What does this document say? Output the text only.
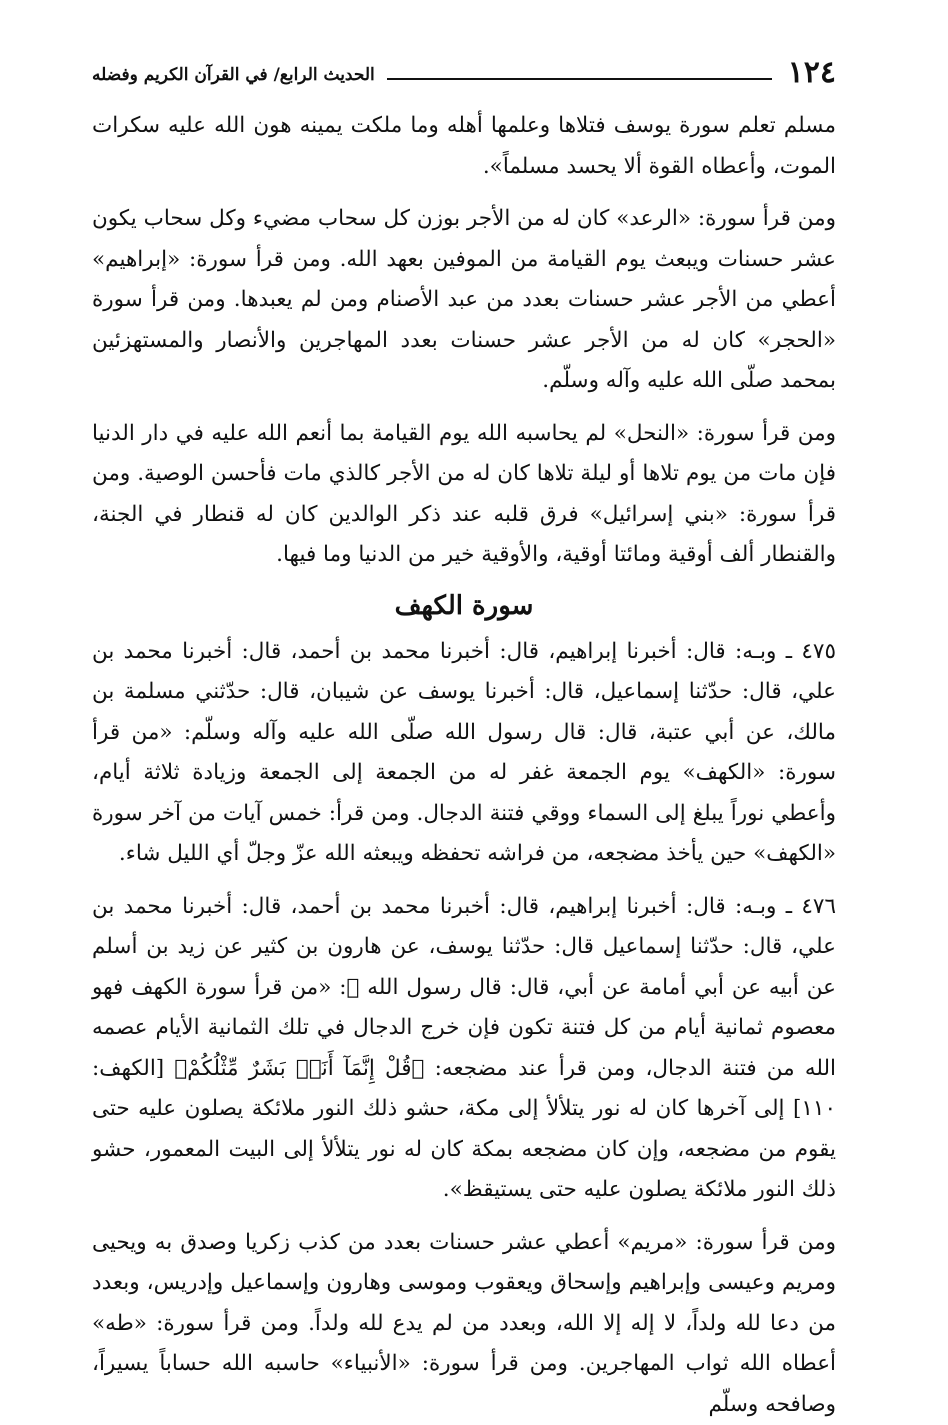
١٢٤
الحديث الرابع/ في القرآن الكريم وفضله

مسلم تعلم سورة يوسف فتلاها وعلمها أهله وما ملكت يمينه هون الله عليه سكرات الموت، وأعطاه القوة ألا يحسد مسلماً».

ومن قرأ سورة: «الرعد» كان له من الأجر بوزن كل سحاب مضيء وكل سحاب يكون عشر حسنات ويبعث يوم القيامة من الموفين بعهد الله. ومن قرأ سورة: «إبراهيم» أعطي من الأجر عشر حسنات بعدد من عبد الأصنام ومن لم يعبدها. ومن قرأ سورة «الحجر» كان له من الأجر عشر حسنات بعدد المهاجرين والأنصار والمستهزئين بمحمد صلّى الله عليه وآله وسلّم.

ومن قرأ سورة: «النحل» لم يحاسبه الله يوم القيامة بما أنعم الله عليه في دار الدنيا فإن مات من يوم تلاها أو ليلة تلاها كان له من الأجر كالذي مات فأحسن الوصية. ومن قرأ سورة: «بني إسرائيل» فرق قلبه عند ذكر الوالدين كان له قنطار في الجنة، والقنطار ألف أوقية ومائتا أوقية، والأوقية خير من الدنيا وما فيها.

سورة الكهف

٤٧٥ ـ وبـه: قال: أخبرنا إبراهيم، قال: أخبرنا محمد بن أحمد، قال: أخبرنا محمد بن علي، قال: حدّثنا إسماعيل، قال: أخبرنا يوسف عن شيبان، قال: حدّثني مسلمة بن مالك، عن أبي عتبة، قال: قال رسول الله صلّى الله عليه وآله وسلّم: «من قرأ سورة: «الكهف» يوم الجمعة غفر له من الجمعة إلى الجمعة وزيادة ثلاثة أيام، وأعطي نوراً يبلغ إلى السماء ووقي فتنة الدجال. ومن قرأ: خمس آيات من آخر سورة «الكهف» حين يأخذ مضجعه، من فراشه تحفظه ويبعثه الله عزّ وجلّ أي الليل شاء.

٤٧٦ ـ وبـه: قال: أخبرنا إبراهيم، قال: أخبرنا محمد بن أحمد، قال: أخبرنا محمد بن علي، قال: حدّثنا إسماعيل قال: حدّثنا يوسف، عن هارون بن كثير عن زيد بن أسلم عن أبيه عن أبي أمامة عن أبي، قال: قال رسول الله ﷺ: «من قرأ سورة الكهف فهو معصوم ثمانية أيام من كل فتنة تكون فإن خرج الدجال في تلك الثمانية الأيام عصمه الله من فتنة الدجال، ومن قرأ عند مضجعه: ﴿قُلْ إِنَّمَآ أَنَا۠ بَشَرٌ مِّثْلُكُمْ﴾ [الكهف: ١١٠] إلى آخرها كان له نور يتلألأ إلى مكة، حشو ذلك النور ملائكة يصلون عليه حتى يقوم من مضجعه، وإن كان مضجعه بمكة كان له نور يتلألأ إلى البيت المعمور، حشو ذلك النور ملائكة يصلون عليه حتى يستيقظ».

ومن قرأ سورة: «مريم» أعطي عشر حسنات بعدد من كذب زكريا وصدق به ويحيى ومريم وعيسى وإبراهيم وإسحاق ويعقوب وموسى وهارون وإسماعيل وإدريس، وبعدد من دعا لله ولداً، لا إله إلا الله، وبعدد من لم يدع لله ولداً. ومن قرأ سورة: «طه» أعطاه الله ثواب المهاجرين. ومن قرأ سورة: «الأنبياء» حاسبه الله حساباً يسيراً، وصافحه وسلّم
